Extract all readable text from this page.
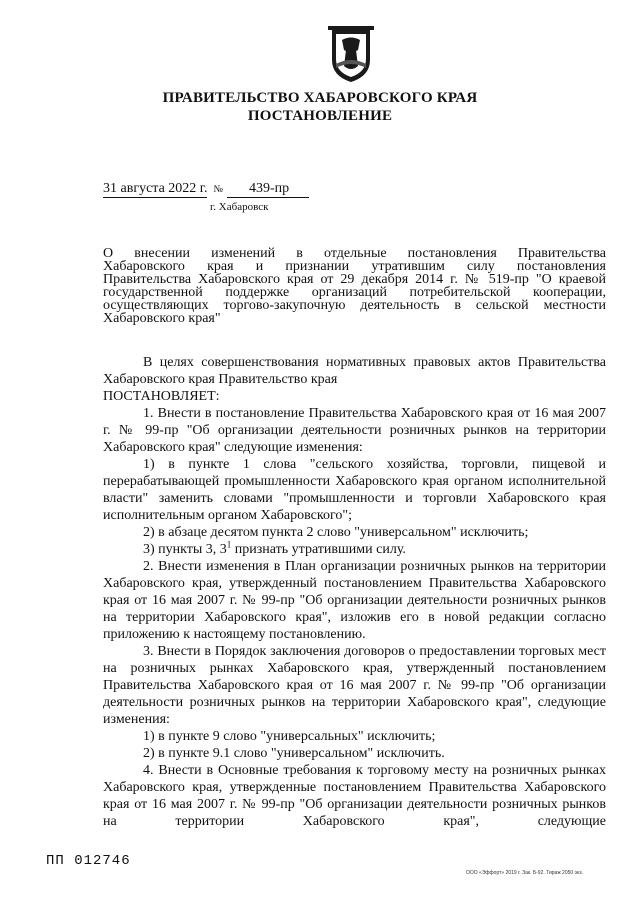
ПРАВИТЕЛЬСТВО ХАБАРОВСКОГО КРАЯ
ПОСТАНОВЛЕНИЕ
31 августа 2022 г. № 439-пр
г. Хабаровск
О внесении изменений в отдельные постановления Правительства
Хабаровского края и признании утратившим силу постановления
Правительства Хабаровского края от 29 декабря 2014 г. № 519-пр "О краевой
государственной поддержке организаций потребительской кооперации,
осуществляющих торгово-закупочную деятельность в сельской местности
Хабаровского края"
В целях совершенствования нормативных правовых актов Правительства Хабаровского края Правительство края
ПОСТАНОВЛЯЕТ:
1. Внести в постановление Правительства Хабаровского края от 16 мая 2007 г. № 99-пр "Об организации деятельности розничных рынков на территории Хабаровского края" следующие изменения:
1) в пункте 1 слова "сельского хозяйства, торговли, пищевой и перерабатывающей промышленности Хабаровского края органом исполнительной власти" заменить словами "промышленности и торговли Хабаровского края исполнительным органом Хабаровского";
2) в абзаце десятом пункта 2 слово "универсальном" исключить;
3) пункты 3, $3^1$ признать утратившими силу.
2. Внести изменения в План организации розничных рынков на территории Хабаровского края, утвержденный постановлением Правительства Хабаровского края от 16 мая 2007 г. № 99-пр "Об организации деятельности розничных рынков на территории Хабаровского края", изложив его в новой редакции согласно приложению к настоящему постановлению.
3. Внести в Порядок заключения договоров о предоставлении торговых мест на розничных рынках Хабаровского края, утвержденный постановлением Правительства Хабаровского края от 16 мая 2007 г. № 99-пр "Об организации деятельности розничных рынков на территории Хабаровского края", следующие изменения:
1) в пункте 9 слово "универсальных" исключить;
2) в пункте 9.1 слово "универсальном" исключить.
4. Внести в Основные требования к торговому месту на розничных рынках Хабаровского края, утвержденные постановлением Правительства Хабаровского края от 16 мая 2007 г. № 99-пр "Об организации деятельности розничных рынков на территории Хабаровского края", следующие
ПП 012746
ООО «Эффорт» 2019 г. Зак. Б-92. Тираж 2050 экз.
